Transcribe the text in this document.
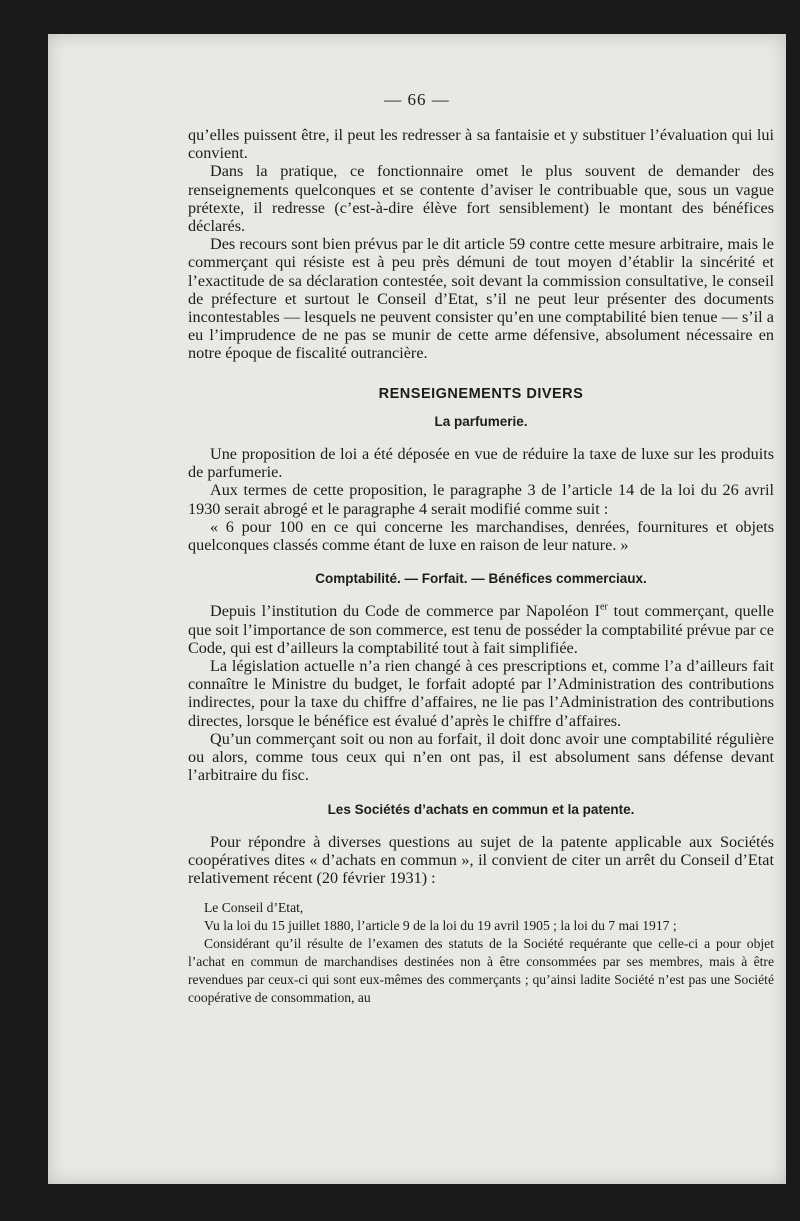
— 66 —

qu’elles puissent être, il peut les redresser à sa fantaisie et y substituer l’évaluation qui lui convient.

Dans la pratique, ce fonctionnaire omet le plus souvent de demander des renseignements quelconques et se contente d’aviser le contribuable que, sous un vague prétexte, il redresse (c’est-à-dire élève fort sensiblement) le montant des bénéfices déclarés.

Des recours sont bien prévus par le dit article 59 contre cette mesure arbitraire, mais le commerçant qui résiste est à peu près démuni de tout moyen d’établir la sincérité et l’exactitude de sa déclaration contestée, soit devant la commission consultative, le conseil de préfecture et surtout le Conseil d’Etat, s’il ne peut leur présenter des documents incontestables — lesquels ne peuvent consister qu’en une comptabilité bien tenue — s’il a eu l’imprudence de ne pas se munir de cette arme défensive, absolument nécessaire en notre époque de fiscalité outrancière.

RENSEIGNEMENTS DIVERS
La parfumerie.

Une proposition de loi a été déposée en vue de réduire la taxe de luxe sur les produits de parfumerie.

Aux termes de cette proposition, le paragraphe 3 de l’article 14 de la loi du 26 avril 1930 serait abrogé et le paragraphe 4 serait modifié comme suit :

« 6 pour 100 en ce qui concerne les marchandises, denrées, fournitures et objets quelconques classés comme étant de luxe en raison de leur nature. »

Comptabilité. — Forfait. — Bénéfices commerciaux.

Depuis l’institution du Code de commerce par Napoléon Ier tout commerçant, quelle que soit l’importance de son commerce, est tenu de posséder la comptabilité prévue par ce Code, qui est d’ailleurs la comptabilité tout à fait simplifiée.

La législation actuelle n’a rien changé à ces prescriptions et, comme l’a d’ailleurs fait connaître le Ministre du budget, le forfait adopté par l’Administration des contributions indirectes, pour la taxe du chiffre d’affaires, ne lie pas l’Administration des contributions directes, lorsque le bénéfice est évalué d’après le chiffre d’affaires.

Qu’un commerçant soit ou non au forfait, il doit donc avoir une comptabilité régulière ou alors, comme tous ceux qui n’en ont pas, il est absolument sans défense devant l’arbitraire du fisc.

Les Sociétés d’achats en commun et la patente.

Pour répondre à diverses questions au sujet de la patente applicable aux Sociétés coopératives dites « d’achats en commun », il convient de citer un arrêt du Conseil d’Etat relativement récent (20 février 1931) :

Le Conseil d’Etat,

Vu la loi du 15 juillet 1880, l’article 9 de la loi du 19 avril 1905 ; la loi du 7 mai 1917 ;

Considérant qu’il résulte de l’examen des statuts de la Société requérante que celle-ci a pour objet l’achat en commun de marchandises destinées non à être consommées par ses membres, mais à être revendues par ceux-ci qui sont eux-mêmes des commerçants ; qu’ainsi ladite Société n’est pas une Société coopérative de consommation, au
